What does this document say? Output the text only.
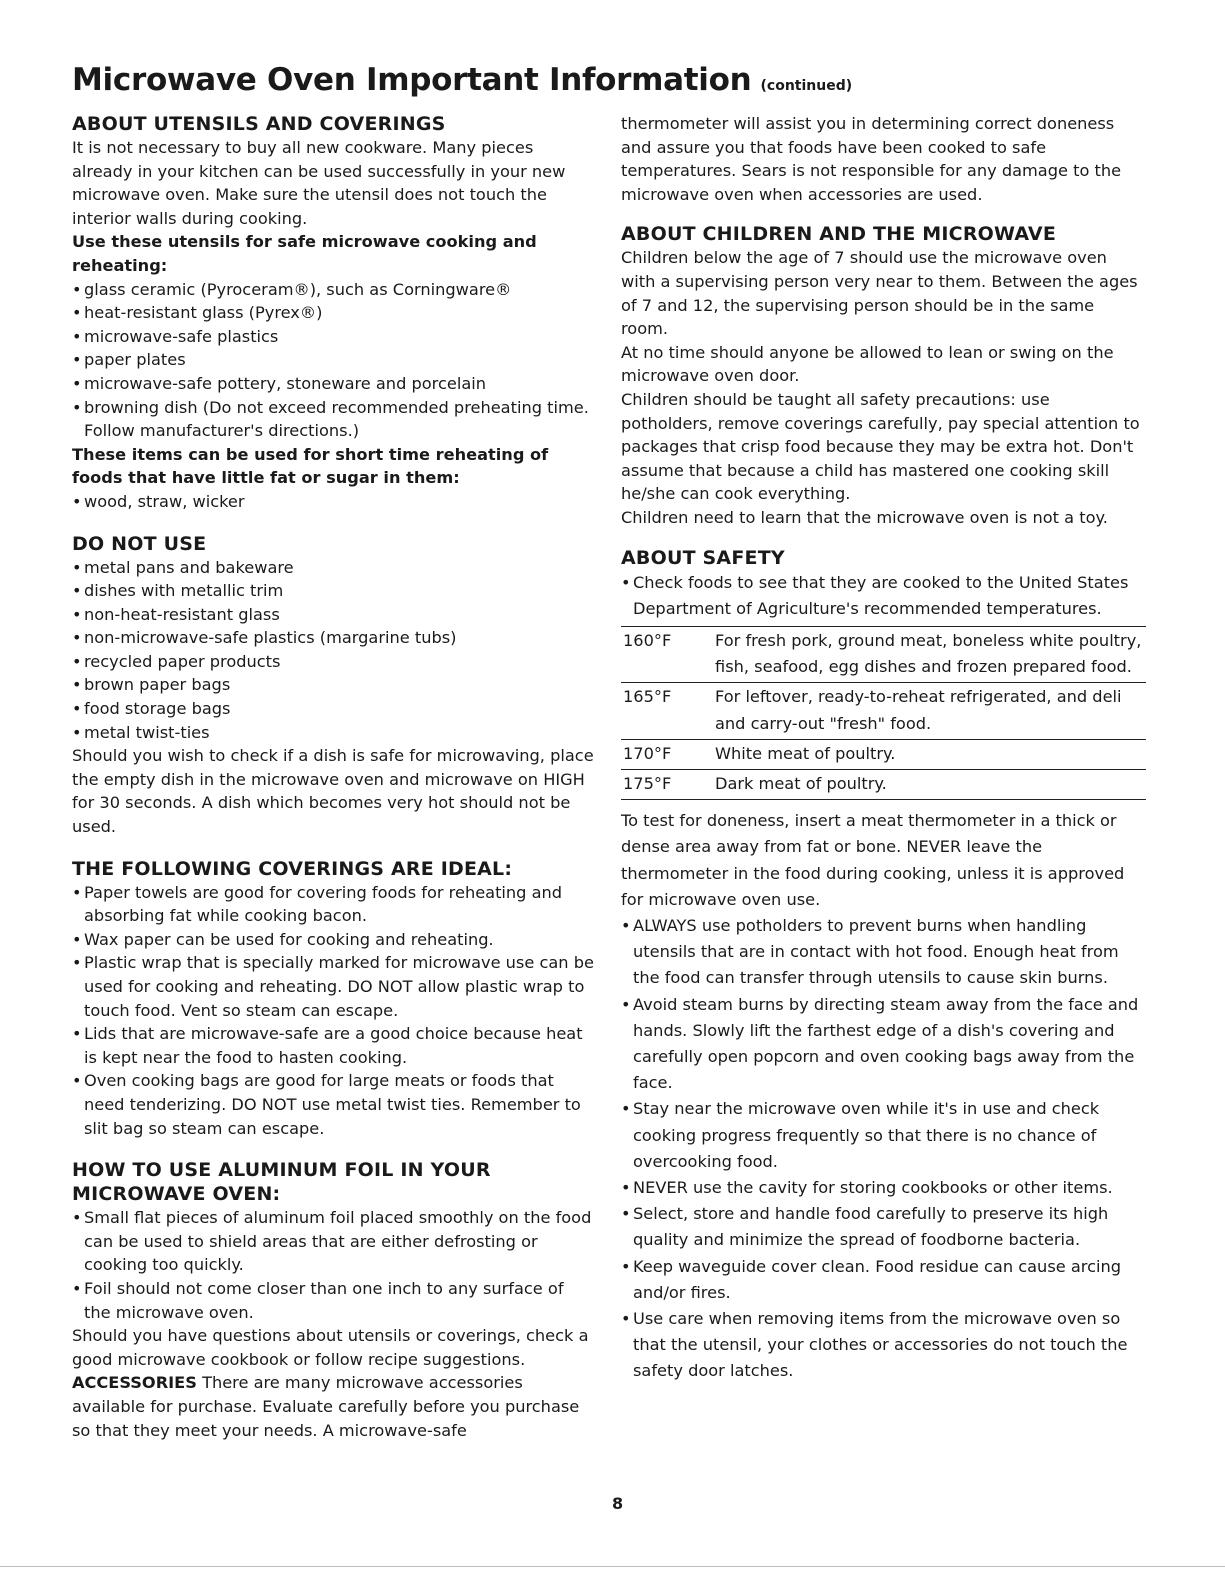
Microwave Oven Important Information (continued)
ABOUT UTENSILS AND COVERINGS

It is not necessary to buy all new cookware. Many pieces already in your kitchen can be used successfully in your new microwave oven. Make sure the utensil does not touch the interior walls during cooking.

Use these utensils for safe microwave cooking and reheating:

• glass ceramic (Pyroceram®), such as Corningware®
• heat-resistant glass (Pyrex®)
• microwave-safe plastics
• paper plates
• microwave-safe pottery, stoneware and porcelain
• browning dish (Do not exceed recommended preheating time. Follow manufacturer's directions.)

These items can be used for short time reheating of foods that have little fat or sugar in them:

• wood, straw, wicker
DO NOT USE
• metal pans and bakeware
• dishes with metallic trim
• non-heat-resistant glass
• non-microwave-safe plastics (margarine tubs)
• recycled paper products
• brown paper bags
• food storage bags
• metal twist-ties

Should you wish to check if a dish is safe for microwaving, place the empty dish in the microwave oven and microwave on HIGH for 30 seconds. A dish which becomes very hot should not be used.

THE FOLLOWING COVERINGS ARE IDEAL:
• Paper towels are good for covering foods for reheating and absorbing fat while cooking bacon.
• Wax paper can be used for cooking and reheating.
• Plastic wrap that is specially marked for microwave use can be used for cooking and reheating. DO NOT allow plastic wrap to touch food. Vent so steam can escape.
• Lids that are microwave-safe are a good choice because heat is kept near the food to hasten cooking.
• Oven cooking bags are good for large meats or foods that need tenderizing. DO NOT use metal twist ties. Remember to slit bag so steam can escape.
HOW TO USE ALUMINUM FOIL IN YOUR MICROWAVE OVEN:
• Small flat pieces of aluminum foil placed smoothly on the food can be used to shield areas that are either defrosting or cooking too quickly.
• Foil should not come closer than one inch to any surface of the microwave oven.

Should you have questions about utensils or coverings, check a good microwave cookbook or follow recipe suggestions.

ACCESSORIES There are many microwave accessories available for purchase. Evaluate carefully before you purchase so that they meet your needs. A microwave-safe

thermometer will assist you in determining correct doneness and assure you that foods have been cooked to safe temperatures. Sears is not responsible for any damage to the microwave oven when accessories are used.

ABOUT CHILDREN AND THE MICROWAVE

Children below the age of 7 should use the microwave oven with a supervising person very near to them. Between the ages of 7 and 12, the supervising person should be in the same room.

At no time should anyone be allowed to lean or swing on the microwave oven door.

Children should be taught all safety precautions: use potholders, remove coverings carefully, pay special attention to packages that crisp food because they may be extra hot. Don't assume that because a child has mastered one cooking skill he/she can cook everything.

Children need to learn that the microwave oven is not a toy.

ABOUT SAFETY
• Check foods to see that they are cooked to the United States Department of Agriculture's recommended temperatures.
160°F	For fresh pork, ground meat, boneless white poultry, fish, seafood, egg dishes and frozen prepared food.
165°F	For leftover, ready-to-reheat refrigerated, and deli and carry-out "fresh" food.
170°F	White meat of poultry.
175°F	Dark meat of poultry.

To test for doneness, insert a meat thermometer in a thick or dense area away from fat or bone. NEVER leave the thermometer in the food during cooking, unless it is approved for microwave oven use.

• ALWAYS use potholders to prevent burns when handling utensils that are in contact with hot food. Enough heat from the food can transfer through utensils to cause skin burns.
• Avoid steam burns by directing steam away from the face and hands. Slowly lift the farthest edge of a dish's covering and carefully open popcorn and oven cooking bags away from the face.
• Stay near the microwave oven while it's in use and check cooking progress frequently so that there is no chance of overcooking food.
• NEVER use the cavity for storing cookbooks or other items.
• Select, store and handle food carefully to preserve its high quality and minimize the spread of foodborne bacteria.
• Keep waveguide cover clean. Food residue can cause arcing and/or fires.
• Use care when removing items from the microwave oven so that the utensil, your clothes or accessories do not touch the safety door latches.
8
